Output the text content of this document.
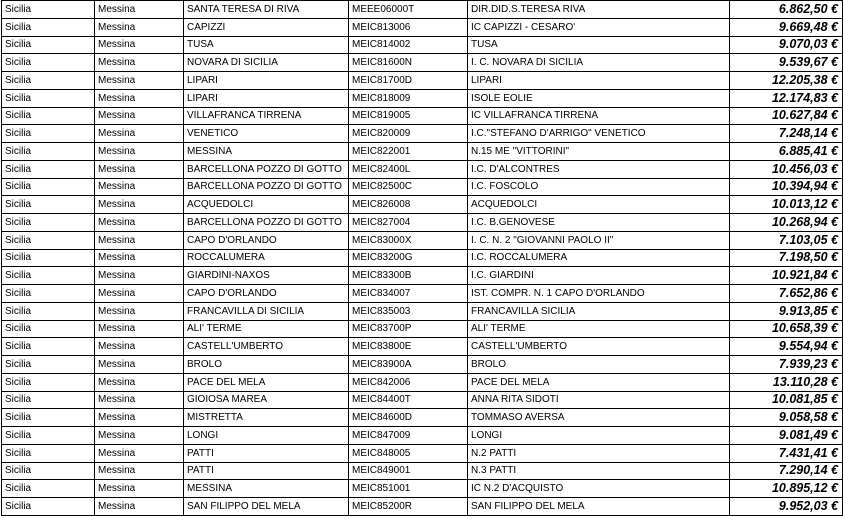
Sicilia	Messina	SANTA TERESA DI RIVA	MEEE06000T	DIR.DID.S.TERESA RIVA	6.862,50 €
Sicilia	Messina	CAPIZZI	MEIC813006	IC CAPIZZI - CESARO'	9.669,48 €
Sicilia	Messina	TUSA	MEIC814002	TUSA	9.070,03 €
Sicilia	Messina	NOVARA DI SICILIA	MEIC81600N	I. C. NOVARA DI SICILIA	9.539,67 €
Sicilia	Messina	LIPARI	MEIC81700D	LIPARI	12.205,38 €
Sicilia	Messina	LIPARI	MEIC818009	ISOLE EOLIE	12.174,83 €
Sicilia	Messina	VILLAFRANCA TIRRENA	MEIC819005	IC VILLAFRANCA TIRRENA	10.627,84 €
Sicilia	Messina	VENETICO	MEIC820009	I.C."STEFANO D'ARRIGO" VENETICO	7.248,14 €
Sicilia	Messina	MESSINA	MEIC822001	N.15 ME "VITTORINI"	6.885,41 €
Sicilia	Messina	BARCELLONA POZZO DI GOTTO	MEIC82400L	I.C. D'ALCONTRES	10.456,03 €
Sicilia	Messina	BARCELLONA POZZO DI GOTTO	MEIC82500C	I.C. FOSCOLO	10.394,94 €
Sicilia	Messina	ACQUEDOLCI	MEIC826008	ACQUEDOLCI	10.013,12 €
Sicilia	Messina	BARCELLONA POZZO DI GOTTO	MEIC827004	I.C. B.GENOVESE	10.268,94 €
Sicilia	Messina	CAPO D'ORLANDO	MEIC83000X	I. C. N. 2 "GIOVANNI PAOLO II"	7.103,05 €
Sicilia	Messina	ROCCALUMERA	MEIC83200G	I.C. ROCCALUMERA	7.198,50 €
Sicilia	Messina	GIARDINI-NAXOS	MEIC83300B	I.C. GIARDINI	10.921,84 €
Sicilia	Messina	CAPO D'ORLANDO	MEIC834007	IST. COMPR. N. 1 CAPO D'ORLANDO	7.652,86 €
Sicilia	Messina	FRANCAVILLA DI SICILIA	MEIC835003	FRANCAVILLA SICILIA	9.913,85 €
Sicilia	Messina	ALI' TERME	MEIC83700P	ALI' TERME	10.658,39 €
Sicilia	Messina	CASTELL'UMBERTO	MEIC83800E	CASTELL'UMBERTO	9.554,94 €
Sicilia	Messina	BROLO	MEIC83900A	BROLO	7.939,23 €
Sicilia	Messina	PACE DEL MELA	MEIC842006	PACE DEL MELA	13.110,28 €
Sicilia	Messina	GIOIOSA MAREA	MEIC84400T	ANNA RITA SIDOTI	10.081,85 €
Sicilia	Messina	MISTRETTA	MEIC84600D	TOMMASO AVERSA	9.058,58 €
Sicilia	Messina	LONGI	MEIC847009	LONGI	9.081,49 €
Sicilia	Messina	PATTI	MEIC848005	N.2 PATTI	7.431,41 €
Sicilia	Messina	PATTI	MEIC849001	N.3 PATTI	7.290,14 €
Sicilia	Messina	MESSINA	MEIC851001	IC N.2 D'ACQUISTO	10.895,12 €
Sicilia	Messina	SAN FILIPPO DEL MELA	MEIC85200R	SAN FILIPPO DEL MELA	9.952,03 €
